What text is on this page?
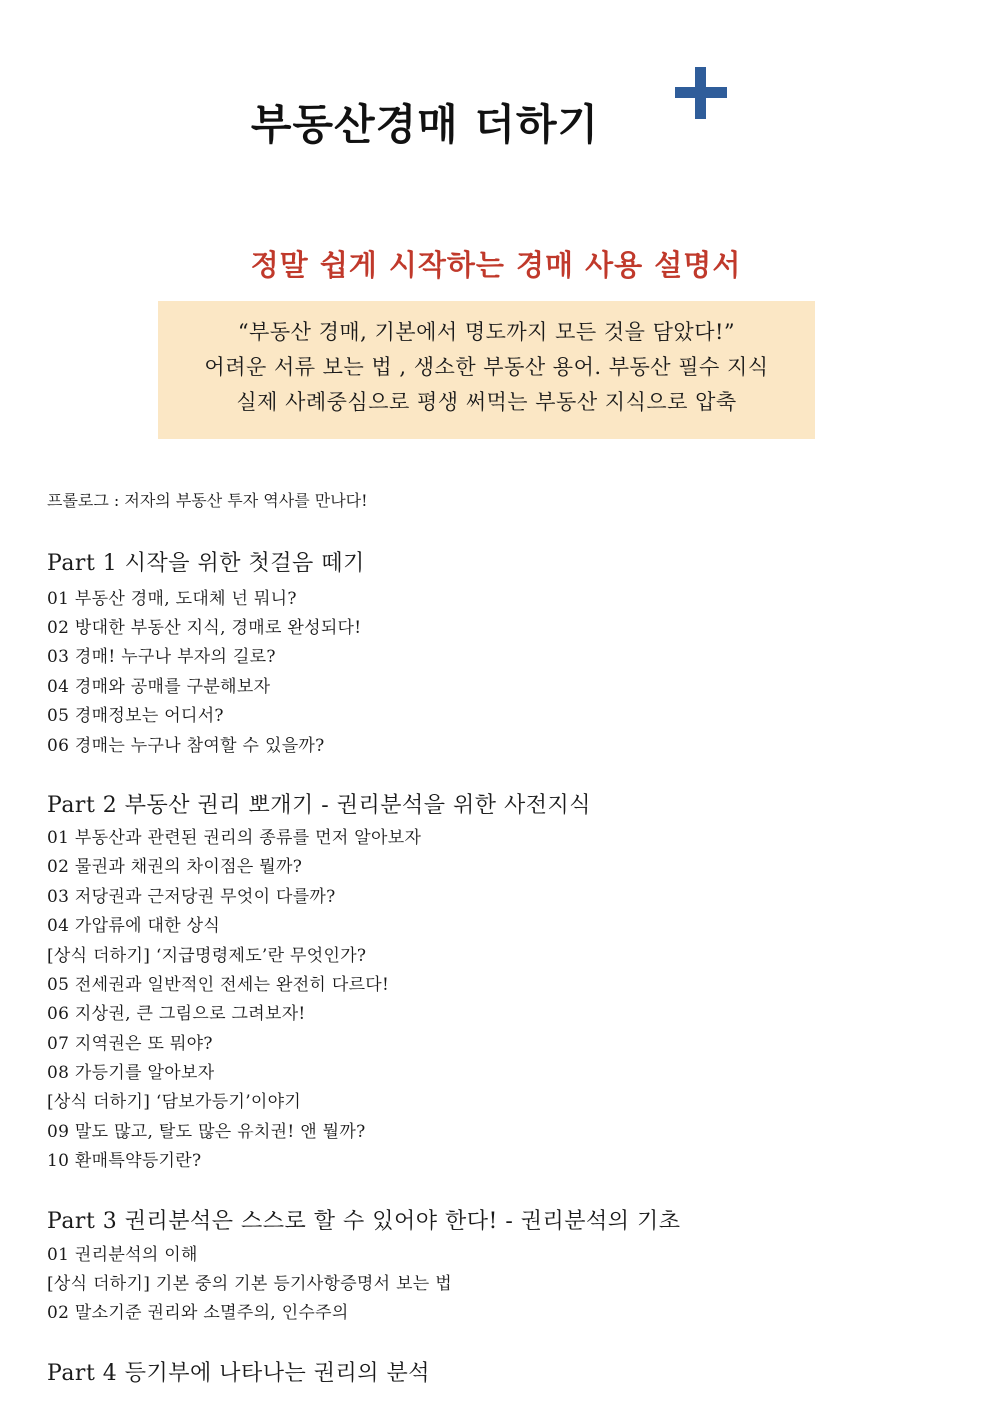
부동산경매 더하기
정말 쉽게 시작하는 경매 사용 설명서
“부동산 경매, 기본에서 명도까지 모든 것을 담았다!”
어려운 서류 보는 법 , 생소한 부동산 용어. 부동산 필수 지식
실제 사례중심으로 평생 써먹는 부동산 지식으로 압축
프롤로그 : 저자의 부동산 투자 역사를 만나다!
Part 1 시작을 위한 첫걸음 떼기
01 부동산 경매, 도대체 넌 뭐니?
02 방대한 부동산 지식, 경매로 완성되다!
03 경매! 누구나 부자의 길로?
04 경매와 공매를 구분해보자
05 경매정보는 어디서?
06 경매는 누구나 참여할 수 있을까?
Part 2 부동산 권리 뽀개기 - 권리분석을 위한 사전지식
01 부동산과 관련된 권리의 종류를 먼저 알아보자
02 물권과 채권의 차이점은 뭘까?
03 저당권과 근저당권 무엇이 다를까?
04 가압류에 대한 상식
[상식 더하기] ‘지급명령제도’란 무엇인가?
05 전세권과 일반적인 전세는 완전히 다르다!
06 지상권, 큰 그림으로 그려보자!
07 지역권은 또 뭐야?
08 가등기를 알아보자
[상식 더하기] ‘담보가등기’이야기
09 말도 많고, 탈도 많은 유치권! 앤 뭘까?
10 환매특약등기란?
Part 3 권리분석은 스스로 할 수 있어야 한다! - 권리분석의 기초
01 권리분석의 이해
[상식 더하기] 기본 중의 기본 등기사항증명서 보는 법
02 말소기준 권리와 소멸주의, 인수주의
Part 4 등기부에 나타나는 권리의 분석
